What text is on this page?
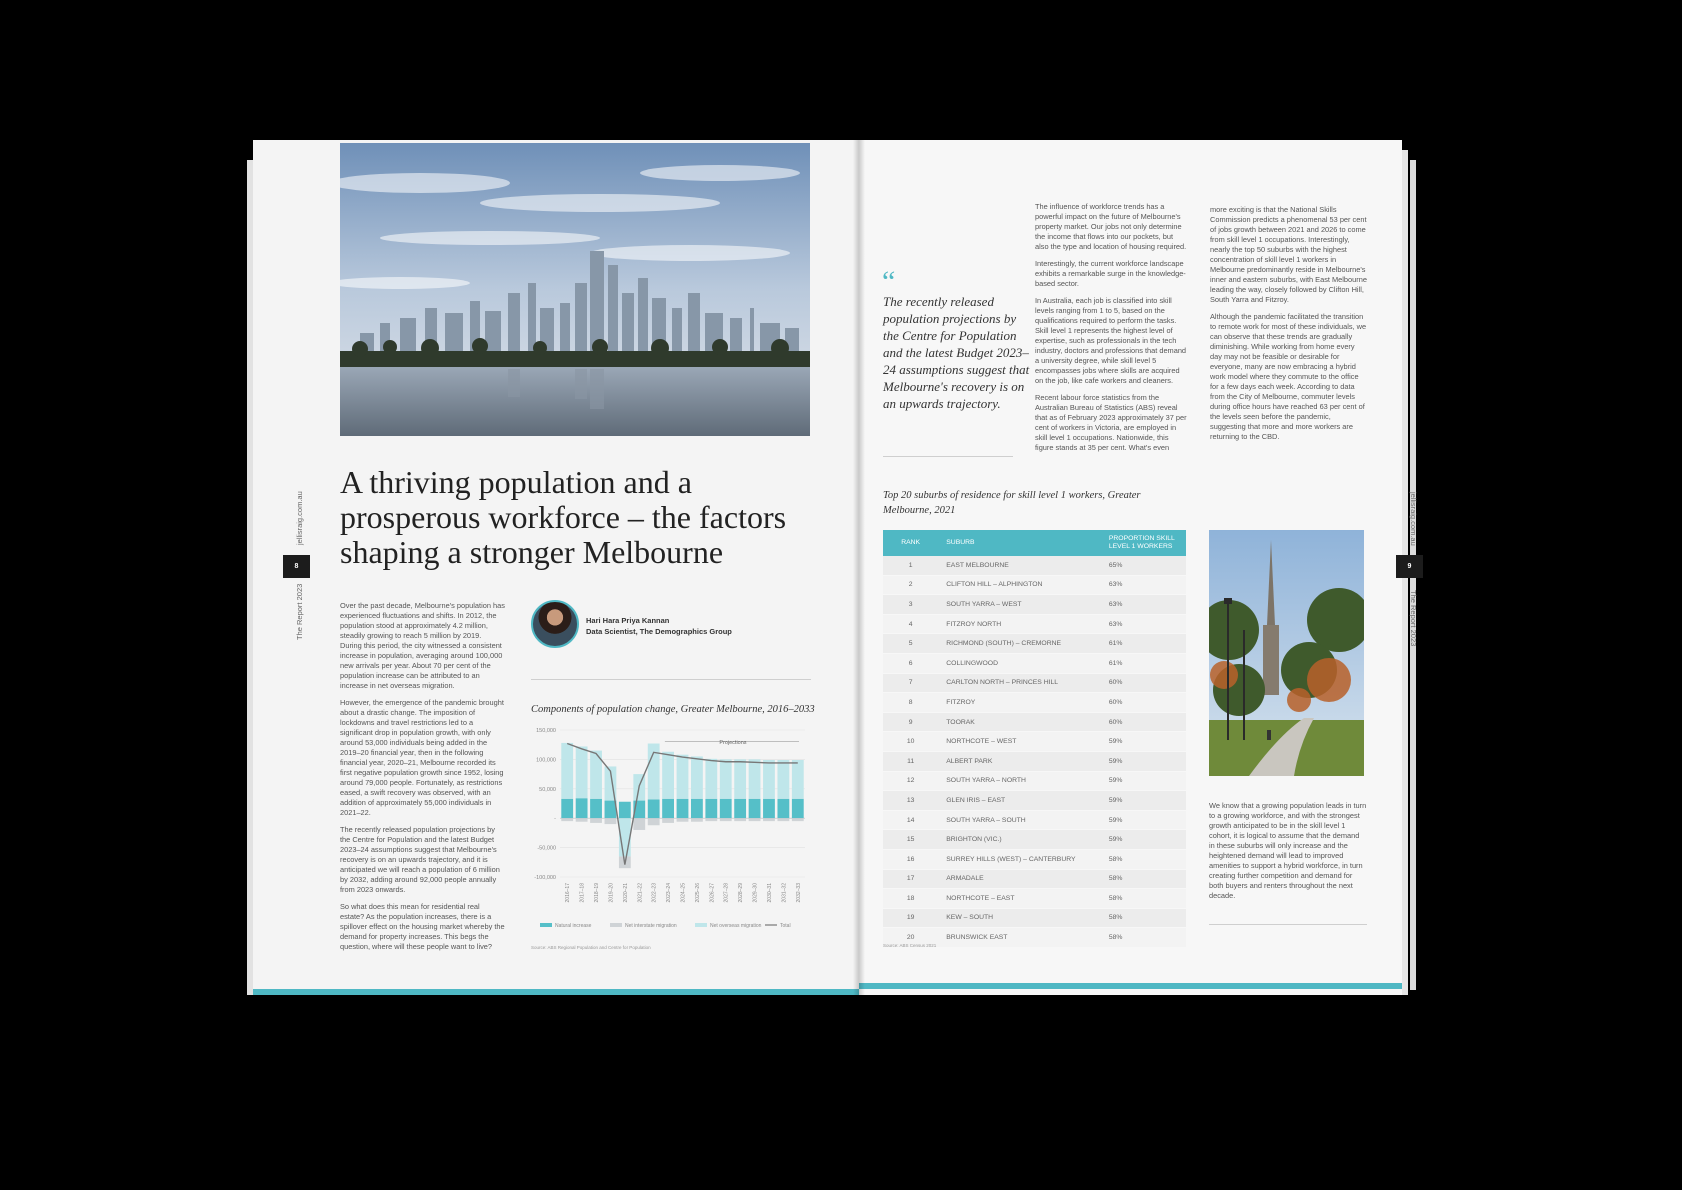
jellisraig.com.au
8
The Report 2023
jellisraig.com.au
9
The Report 2023
A thriving population and a prosperous workforce – the factors shaping a stronger Melbourne

Over the past decade, Melbourne's population has experienced fluctuations and shifts. In 2012, the population stood at approximately 4.2 million, steadily growing to reach 5 million by 2019. During this period, the city witnessed a consistent increase in population, averaging around 100,000 new arrivals per year. About 70 per cent of the population increase can be attributed to an increase in net overseas migration.

However, the emergence of the pandemic brought about a drastic change. The imposition of lockdowns and travel restrictions led to a significant drop in population growth, with only around 53,000 individuals being added in the 2019–20 financial year, then in the following financial year, 2020–21, Melbourne recorded its first negative population growth since 1952, losing around 79,000 people. Fortunately, as restrictions eased, a swift recovery was observed, with an addition of approximately 55,000 individuals in 2021–22.

The recently released population projections by the Centre for Population and the latest Budget 2023–24 assumptions suggest that Melbourne's recovery is on an upwards trajectory, and it is anticipated we will reach a population of 6 million by 2032, adding around 92,000 people annually from 2023 onwards.

So what does this mean for residential real estate? As the population increases, there is a spillover effect on the housing market whereby the demand for property increases. This begs the question, where will these people want to live?

Hari Hara Priya Kannan
Data Scientist, The Demographics Group
Components of population change, Greater Melbourne, 2016–2033
150,000
100,000
50,000
-
-50,000
-100,000
2016–17 2017–18 2018–19 2019–20 2020–21 2021–22 2022–23 2023–24 2024–25 2025–26 2026–27 2027–28 2028–29 2029–30 2030–31 2031–32 2032–33
Projections
Natural increase	Net interstate migration	Net overseas migration	Total
Source: ABS Regional Population and Centre for Population
“

The recently released population projections by the Centre for Population and the latest Budget 2023–24 assumptions suggest that Melbourne's recovery is on an upwards trajectory.

The influence of workforce trends has a powerful impact on the future of Melbourne's property market. Our jobs not only determine the income that flows into our pockets, but also the type and location of housing required.

Interestingly, the current workforce landscape exhibits a remarkable surge in the knowledge-based sector.

In Australia, each job is classified into skill levels ranging from 1 to 5, based on the qualifications required to perform the tasks. Skill level 1 represents the highest level of expertise, such as professionals in the tech industry, doctors and professions that demand a university degree, while skill level 5 encompasses jobs where skills are acquired on the job, like cafe workers and cleaners.

Recent labour force statistics from the Australian Bureau of Statistics (ABS) reveal that as of February 2023 approximately 37 per cent of workers in Victoria, are employed in skill level 1 occupations. Nationwide, this figure stands at 35 per cent. What's even

more exciting is that the National Skills Commission predicts a phenomenal 53 per cent of jobs growth between 2021 and 2026 to come from skill level 1 occupations. Interestingly, nearly the top 50 suburbs with the highest concentration of skill level 1 workers in Melbourne predominantly reside in Melbourne's inner and eastern suburbs, with East Melbourne leading the way, closely followed by Clifton Hill, South Yarra and Fitzroy.

Although the pandemic facilitated the transition to remote work for most of these individuals, we can observe that these trends are gradually diminishing. While working from home every day may not be feasible or desirable for everyone, many are now embracing a hybrid work model where they commute to the office for a few days each week. According to data from the City of Melbourne, commuter levels during office hours have reached 63 per cent of the levels seen before the pandemic, suggesting that more and more workers are returning to the CBD.

Top 20 suburbs of residence for skill level 1 workers, Greater Melbourne, 2021
RANK	SUBURB	PROPORTION SKILL LEVEL 1 WORKERS
1	EAST MELBOURNE	65%
2	CLIFTON HILL – ALPHINGTON	63%
3	SOUTH YARRA – WEST	63%
4	FITZROY NORTH	63%
5	RICHMOND (SOUTH) – CREMORNE	61%
6	COLLINGWOOD	61%
7	CARLTON NORTH – PRINCES HILL	60%
8	FITZROY	60%
9	TOORAK	60%
10	NORTHCOTE – WEST	59%
11	ALBERT PARK	59%
12	SOUTH YARRA – NORTH	59%
13	GLEN IRIS – EAST	59%
14	SOUTH YARRA – SOUTH	59%
15	BRIGHTON (VIC.)	59%
16	SURREY HILLS (WEST) – CANTERBURY	58%
17	ARMADALE	58%
18	NORTHCOTE – EAST	58%
19	KEW – SOUTH	58%
20	BRUNSWICK EAST	58%
Source: ABS Census 2021

We know that a growing population leads in turn to a growing workforce, and with the strongest growth anticipated to be in the skill level 1 cohort, it is logical to assume that the demand in these suburbs will only increase and the heightened demand will lead to improved amenities to support a hybrid workforce, in turn creating further competition and demand for both buyers and renters throughout the next decade.
